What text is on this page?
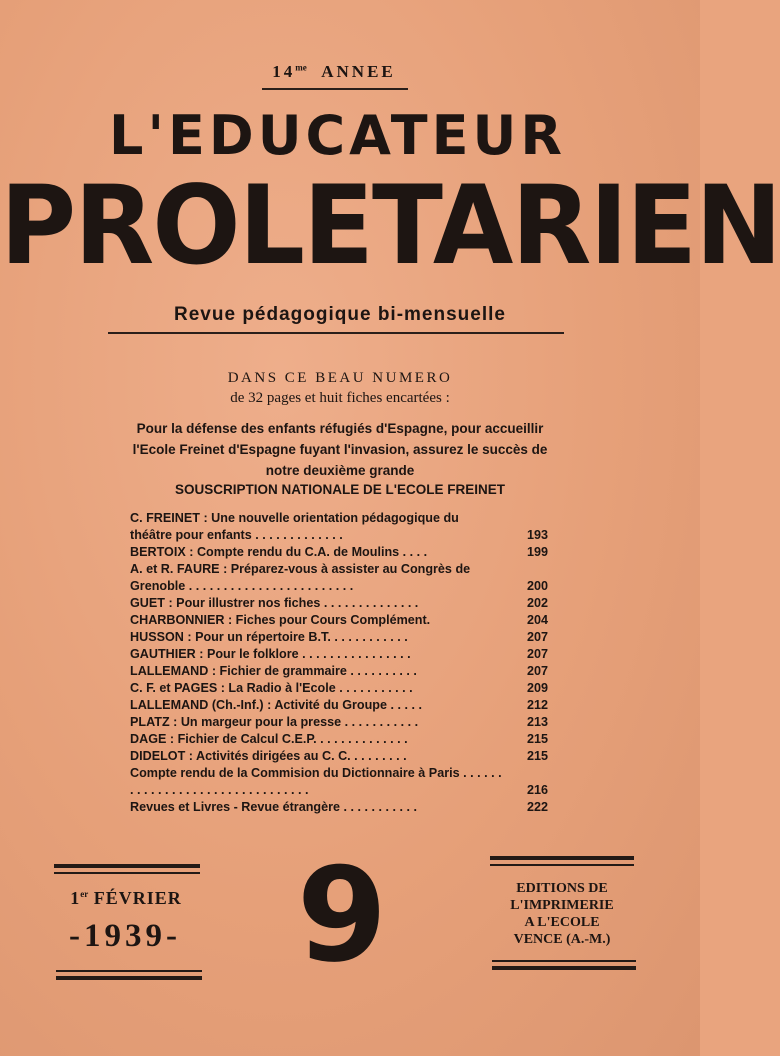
$14^{me}$ ANNEE
L'EDUCATEUR
PROLETARIEN
Revue pédagogique bi-mensuelle
DANS CE BEAU NUMERO
de 32 pages et huit fiches encartées :
Pour la défense des enfants réfugiés d'Espagne, pour accueillir l'Ecole Freinet d'Espagne fuyant l'invasion, assurez le succès de notre deuxième grande
SOUSCRIPTION NATIONALE DE L'ECOLE FREINET
C. FREINET : Une nouvelle orientation pédagogique du théâtre pour enfants . . . . . . . . . . . . .	193
BERTOIX : Compte rendu du C.A. de Moulins . . . .	199
A. et R. FAURE : Préparez-vous à assister au Congrès de Grenoble . . . . . . . . . . . . . . . . . . . . . . . .	200
GUET : Pour illustrer nos fiches . . . . . . . . . . . . . .	202
CHARBONNIER : Fiches pour Cours Complément.	204
HUSSON : Pour un répertoire B.T. . . . . . . . . . . .	207
GAUTHIER : Pour le folklore . . . . . . . . . . . . . . . .	207
LALLEMAND : Fichier de grammaire . . . . . . . . . .	207
C. F. et PAGES : La Radio à l'Ecole . . . . . . . . . . .	209
LALLEMAND (Ch.-Inf.) : Activité du Groupe . . . . .	212
PLATZ : Un margeur pour la presse . . . . . . . . . . .	213
DAGE : Fichier de Calcul C.E.P. . . . . . . . . . . . . .	215
DIDELOT : Activités dirigées au C. C. . . . . . . . .	215
Compte rendu de la Commision du Dictionnaire à Paris . . . . . . . . . . . . . . . . . . . . . . . . . . . . . . . .	216
Revues et Livres - Revue étrangère . . . . . . . . . . .	222
1er FÉVRIER
-1939- 9	EDITIONS DE
L'IMPRIMERIE
A L'ECOLE
VENCE (A.-M.)
